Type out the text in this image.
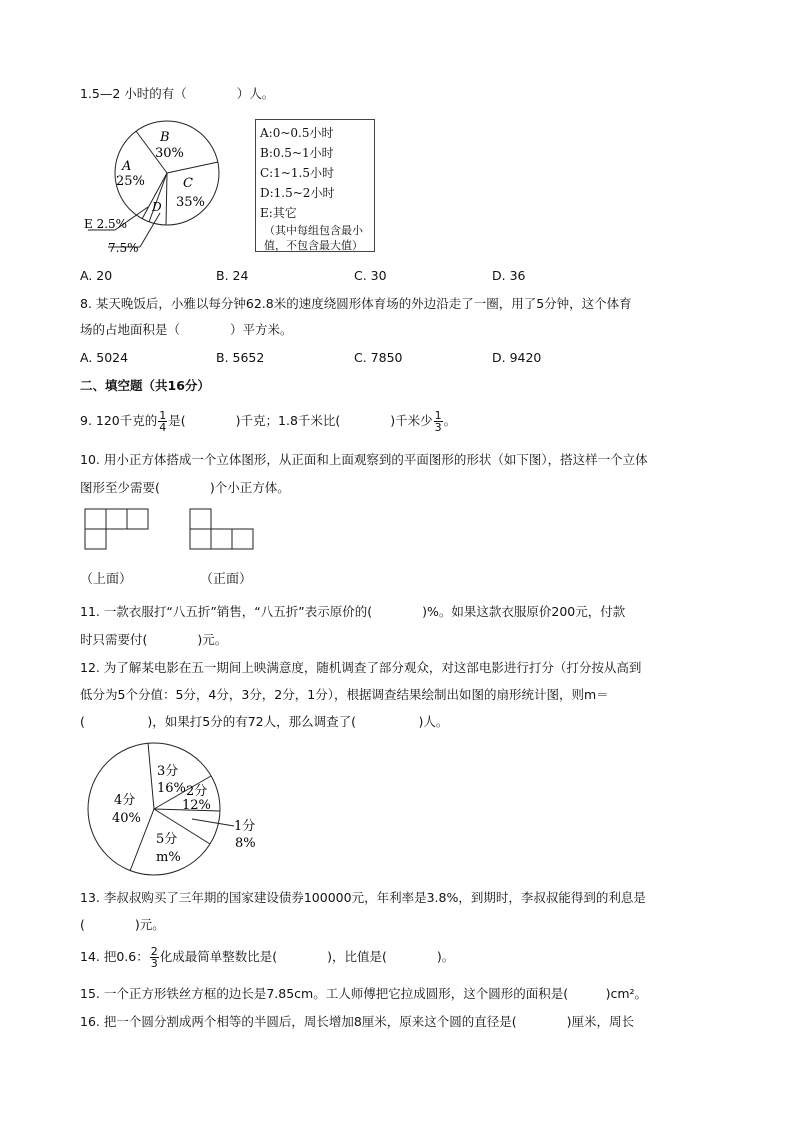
1.5—2 小时的有（　　　　）人。
B
30%
A
25%	C
35%
D
E 2.5%
7.5%
A:0~0.5小时
B:0.5~1小时
C:1~1.5小时
D:1.5~2小时
E:其它
（其中每组包含最小
值，不包含最大值）
A. 20	B. 24	C. 30	D. 36
8. 某天晚饭后，小雅以每分钟62.8米的速度绕圆形体育场的外边沿走了一圈，用了5分钟，这个体育
场的占地面积是（　　　　）平方米。
A. 5024	B. 5652	C. 7850	D. 9420
二、填空题（共16分）
9. 120千克的 $\frac{1}{4}$ 是(　　　　)千克；1.8千米比(　　　　)千米少 $\frac{1}{3}$ 。
10. 用小正方体搭成一个立体图形，从正面和上面观察到的平面图形的形状（如下图），搭这样一个立体
图形至少需要(　　　　)个小正方体。
（上面）	（正面）
11. 一款衣服打“八五折”销售，“八五折”表示原价的(　　　　)%。如果这款衣服原价200元，付款
时只需要付(　　　　)元。
12. 为了解某电影在五一期间上映满意度，随机调查了部分观众，对这部电影进行打分（打分按从高到
低分为5个分值：5分，4分，3分，2分，1分），根据调查结果绘制出如图的扇形统计图，则m＝
(　　　　　)，如果打5分的有72人，那么调查了(　　　　　)人。
3分
16% 2分
12%
4分
40%
5分
m%
1分
8%
13. 李叔叔购买了三年期的国家建设债券100000元，年利率是3.8%，到期时，李叔叔能得到的利息是
(　　　　)元。
14. 把0.6： $\frac{2}{3}$ 化成最简单整数比是(　　　　)，比值是(　　　　)。
15. 一个正方形铁丝方框的边长是7.85cm。工人师傅把它拉成圆形，这个圆形的面积是(　　　)cm²。
16. 把一个圆分割成两个相等的半圆后，周长增加8厘米，原来这个圆的直径是(　　　　)厘米，周长
